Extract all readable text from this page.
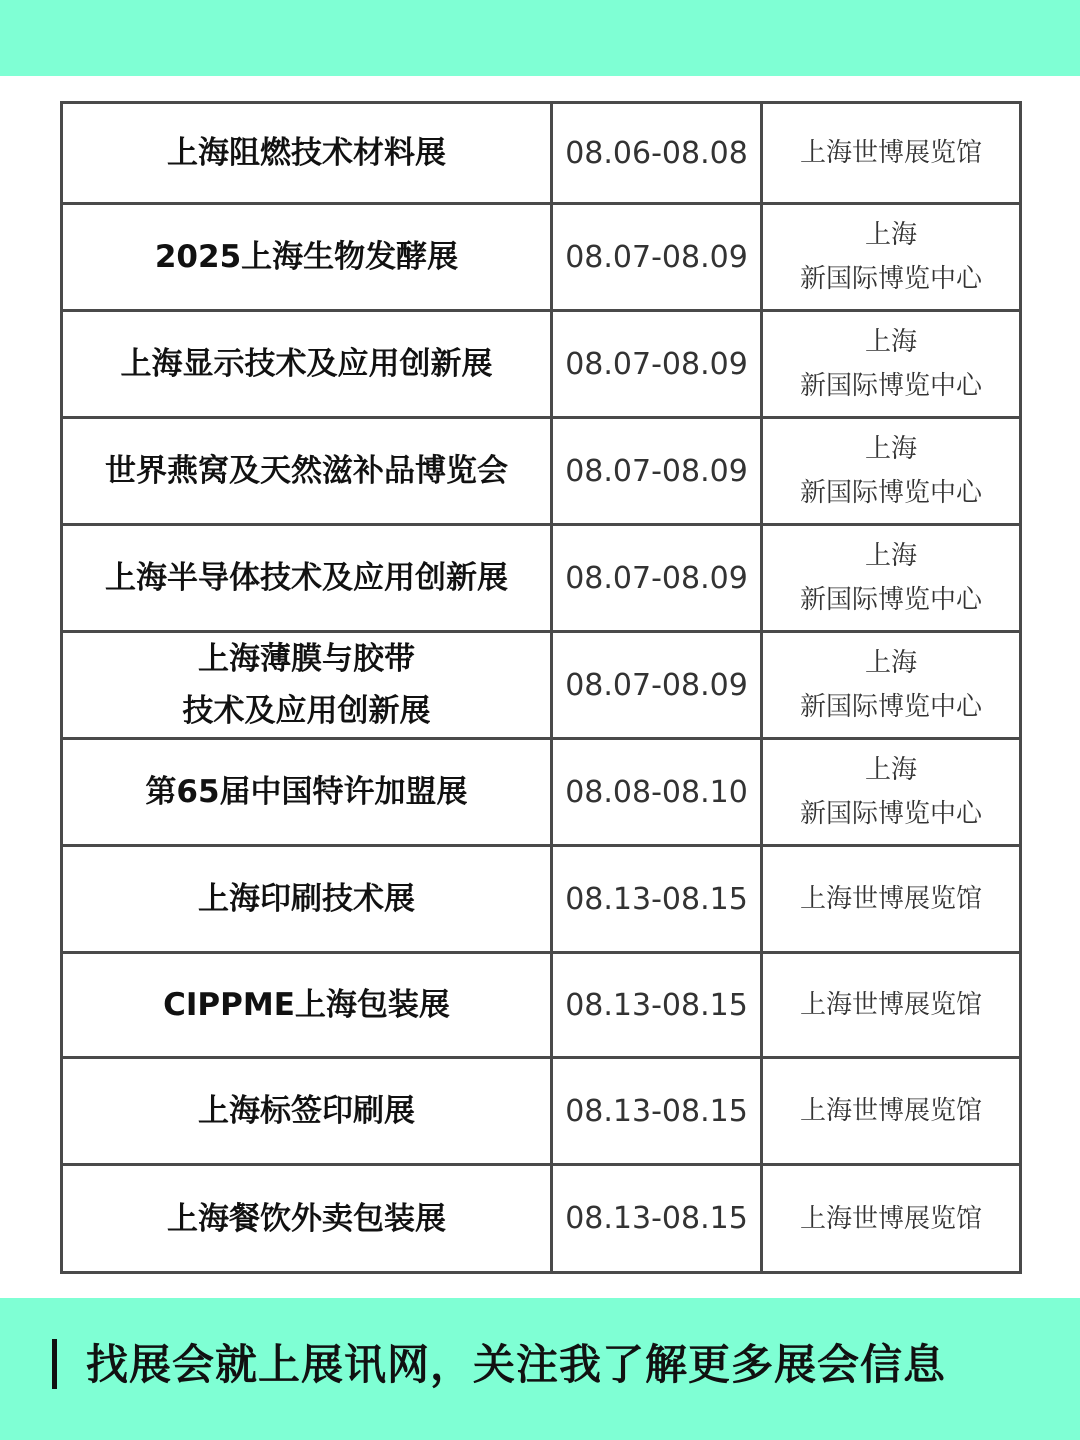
上海阻燃技术材料展	08.06-08.08	上海世博展览馆

2025上海生物发酵展	08.07-08.09	上海
新国际博览中心

上海显示技术及应用创新展	08.07-08.09	上海
新国际博览中心

世界燕窝及天然滋补品博览会	08.07-08.09	上海
新国际博览中心

上海半导体技术及应用创新展	08.07-08.09	上海
新国际博览中心

上海薄膜与胶带
技术及应用创新展	08.07-08.09	上海
新国际博览中心

第65届中国特许加盟展	08.08-08.10	上海
新国际博览中心

上海印刷技术展	08.13-08.15	上海世博展览馆

CIPPME上海包装展	08.13-08.15	上海世博展览馆

上海标签印刷展	08.13-08.15	上海世博展览馆

上海餐饮外卖包装展	08.13-08.15	上海世博展览馆
找展会就上展讯网，关注我了解更多展会信息
